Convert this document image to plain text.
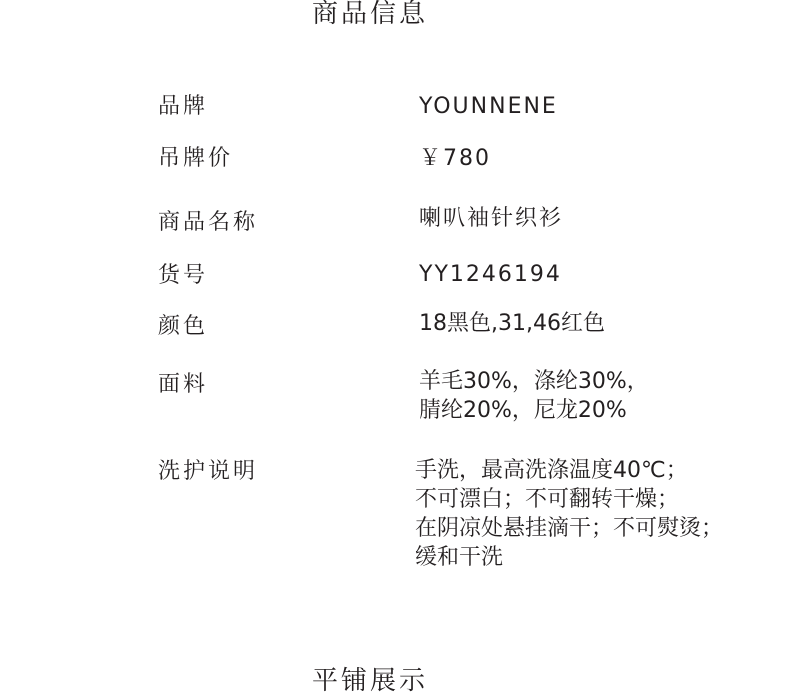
商品信息
品牌	YOUNNENE
吊牌价	￥780
商品名称	喇叭袖针织衫
货号	YY1246194
颜色	18黑色,31,46红色
面料	羊毛30%，涤纶30%，
腈纶20%，尼龙20%
洗护说明	手洗，最高洗涤温度40℃；
不可漂白；不可翻转干燥；
在阴凉处悬挂滴干；不可熨烫；
缓和干洗
平铺展示
